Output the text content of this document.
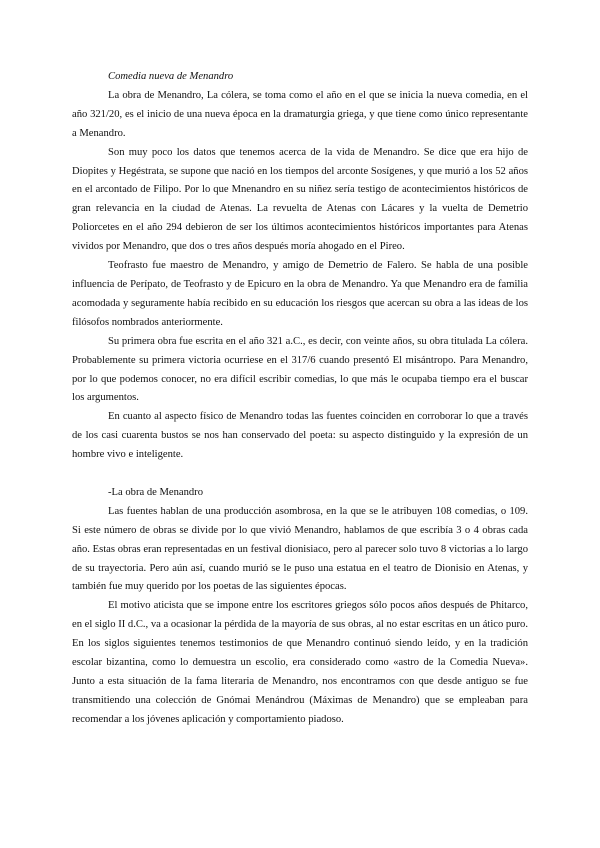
Comedia nueva de Menandro

La obra de Menandro, La cólera, se toma como el año en el que se inicia la nueva comedia, en el año 321/20, es el inicio de una nueva época en la dramaturgia griega, y que tiene como único representante a Menandro.

Son muy poco los datos que tenemos acerca de la vida de Menandro. Se dice que era hijo de Diopites y Hegéstrata, se supone que nació en los tiempos del arconte Sosígenes, y que murió a los 52 años en el arcontado de Filipo. Por lo que Mnenandro en su niñez sería testigo de acontecimientos históricos de gran relevancia en la ciudad de Atenas. La revuelta de Atenas con Lácares y la vuelta de Demetrio Poliorcetes en el año 294 debieron de ser los últimos acontecimientos históricos importantes para Atenas vividos por Menandro, que dos o tres años después moría ahogado en el Pireo.

Teofrasto fue maestro de Menandro, y amigo de Demetrio de Falero. Se habla de una posible influencia de Perípato, de Teofrasto y de Epicuro en la obra de Menandro. Ya que Menandro era de familia acomodada y seguramente había recibido en su educación los riesgos que acercan su obra a las ideas de los filósofos nombrados anteriormente.

Su primera obra fue escrita en el año 321 a.C., es decir, con veinte años, su obra titulada La cólera. Probablemente su primera victoria ocurriese en el 317/6 cuando presentó El misántropo. Para Menandro, por lo que podemos conocer, no era difícil escribir comedias, lo que más le ocupaba tiempo era el buscar los argumentos.

En cuanto al aspecto físico de Menandro todas las fuentes coinciden en corroborar lo que a través de los casi cuarenta bustos se nos han conservado del poeta: su aspecto distinguido y la expresión de un hombre vivo e inteligente.

-La obra de Menandro

Las fuentes hablan de una producción asombrosa, en la que se le atribuyen 108 comedias, o 109. Si este número de obras se divide por lo que vivió Menandro, hablamos de que escribía 3 o 4 obras cada año. Estas obras eran representadas en un festival dionisiaco, pero al parecer solo tuvo 8 victorias a lo largo de su trayectoria. Pero aún así, cuando murió se le puso una estatua en el teatro de Dionisio en Atenas, y también fue muy querido por los poetas de las siguientes épocas.

El motivo aticista que se impone entre los escritores griegos sólo pocos años después de Phitarco, en el siglo II d.C., va a ocasionar la pérdida de la mayoría de sus obras, al no estar escritas en un ático puro. En los siglos siguientes tenemos testimonios de que Menandro continuó siendo leído, y en la tradición escolar bizantina, como lo demuestra un escolio, era considerado como «astro de la Comedia Nueva». Junto a esta situación de la fama literaria de Menandro, nos encontramos con que desde antiguo se fue transmitiendo una colección de Gnómai Menándrou (Máximas de Menandro) que se empleaban para recomendar a los jóvenes aplicación y comportamiento piadoso.
